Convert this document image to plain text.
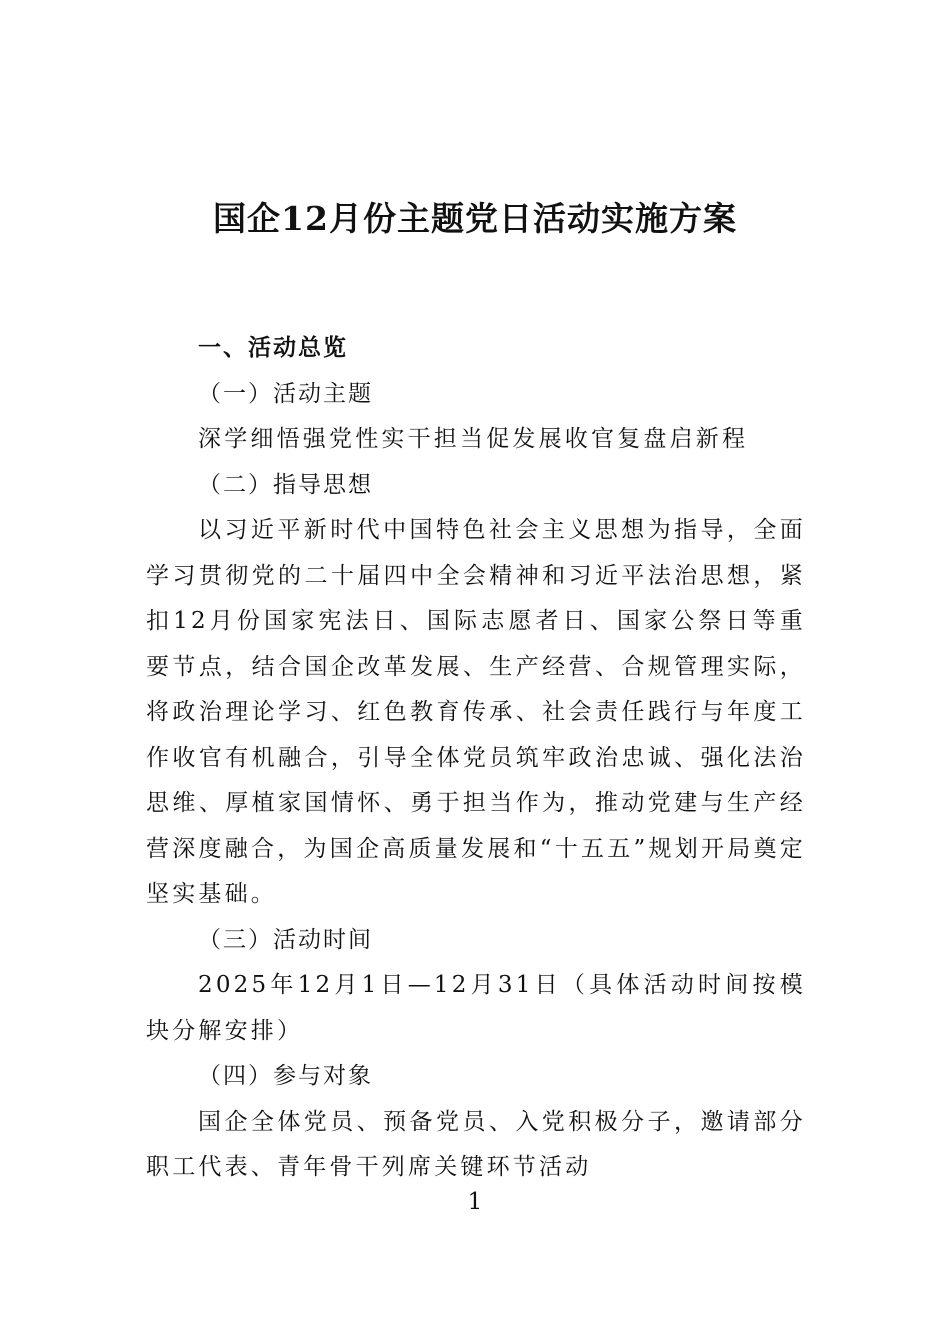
国企12月份主题党日活动实施方案
一、活动总览
（一）活动主题
深学细悟强党性实干担当促发展收官复盘启新程
（二）指导思想
以习近平新时代中国特色社会主义思想为指导，全面学习贯彻党的二十届四中全会精神和习近平法治思想，紧扣12月份国家宪法日、国际志愿者日、国家公祭日等重要节点，结合国企改革发展、生产经营、合规管理实际，将政治理论学习、红色教育传承、社会责任践行与年度工作收官有机融合，引导全体党员筑牢政治忠诚、强化法治思维、厚植家国情怀、勇于担当作为，推动党建与生产经营深度融合，为国企高质量发展和“十五五”规划开局奠定坚实基础。
（三）活动时间
2025年12月1日—12月31日（具体活动时间按模块分解安排）
（四）参与对象
国企全体党员、预备党员、入党积极分子，邀请部分职工代表、青年骨干列席关键环节活动
1
